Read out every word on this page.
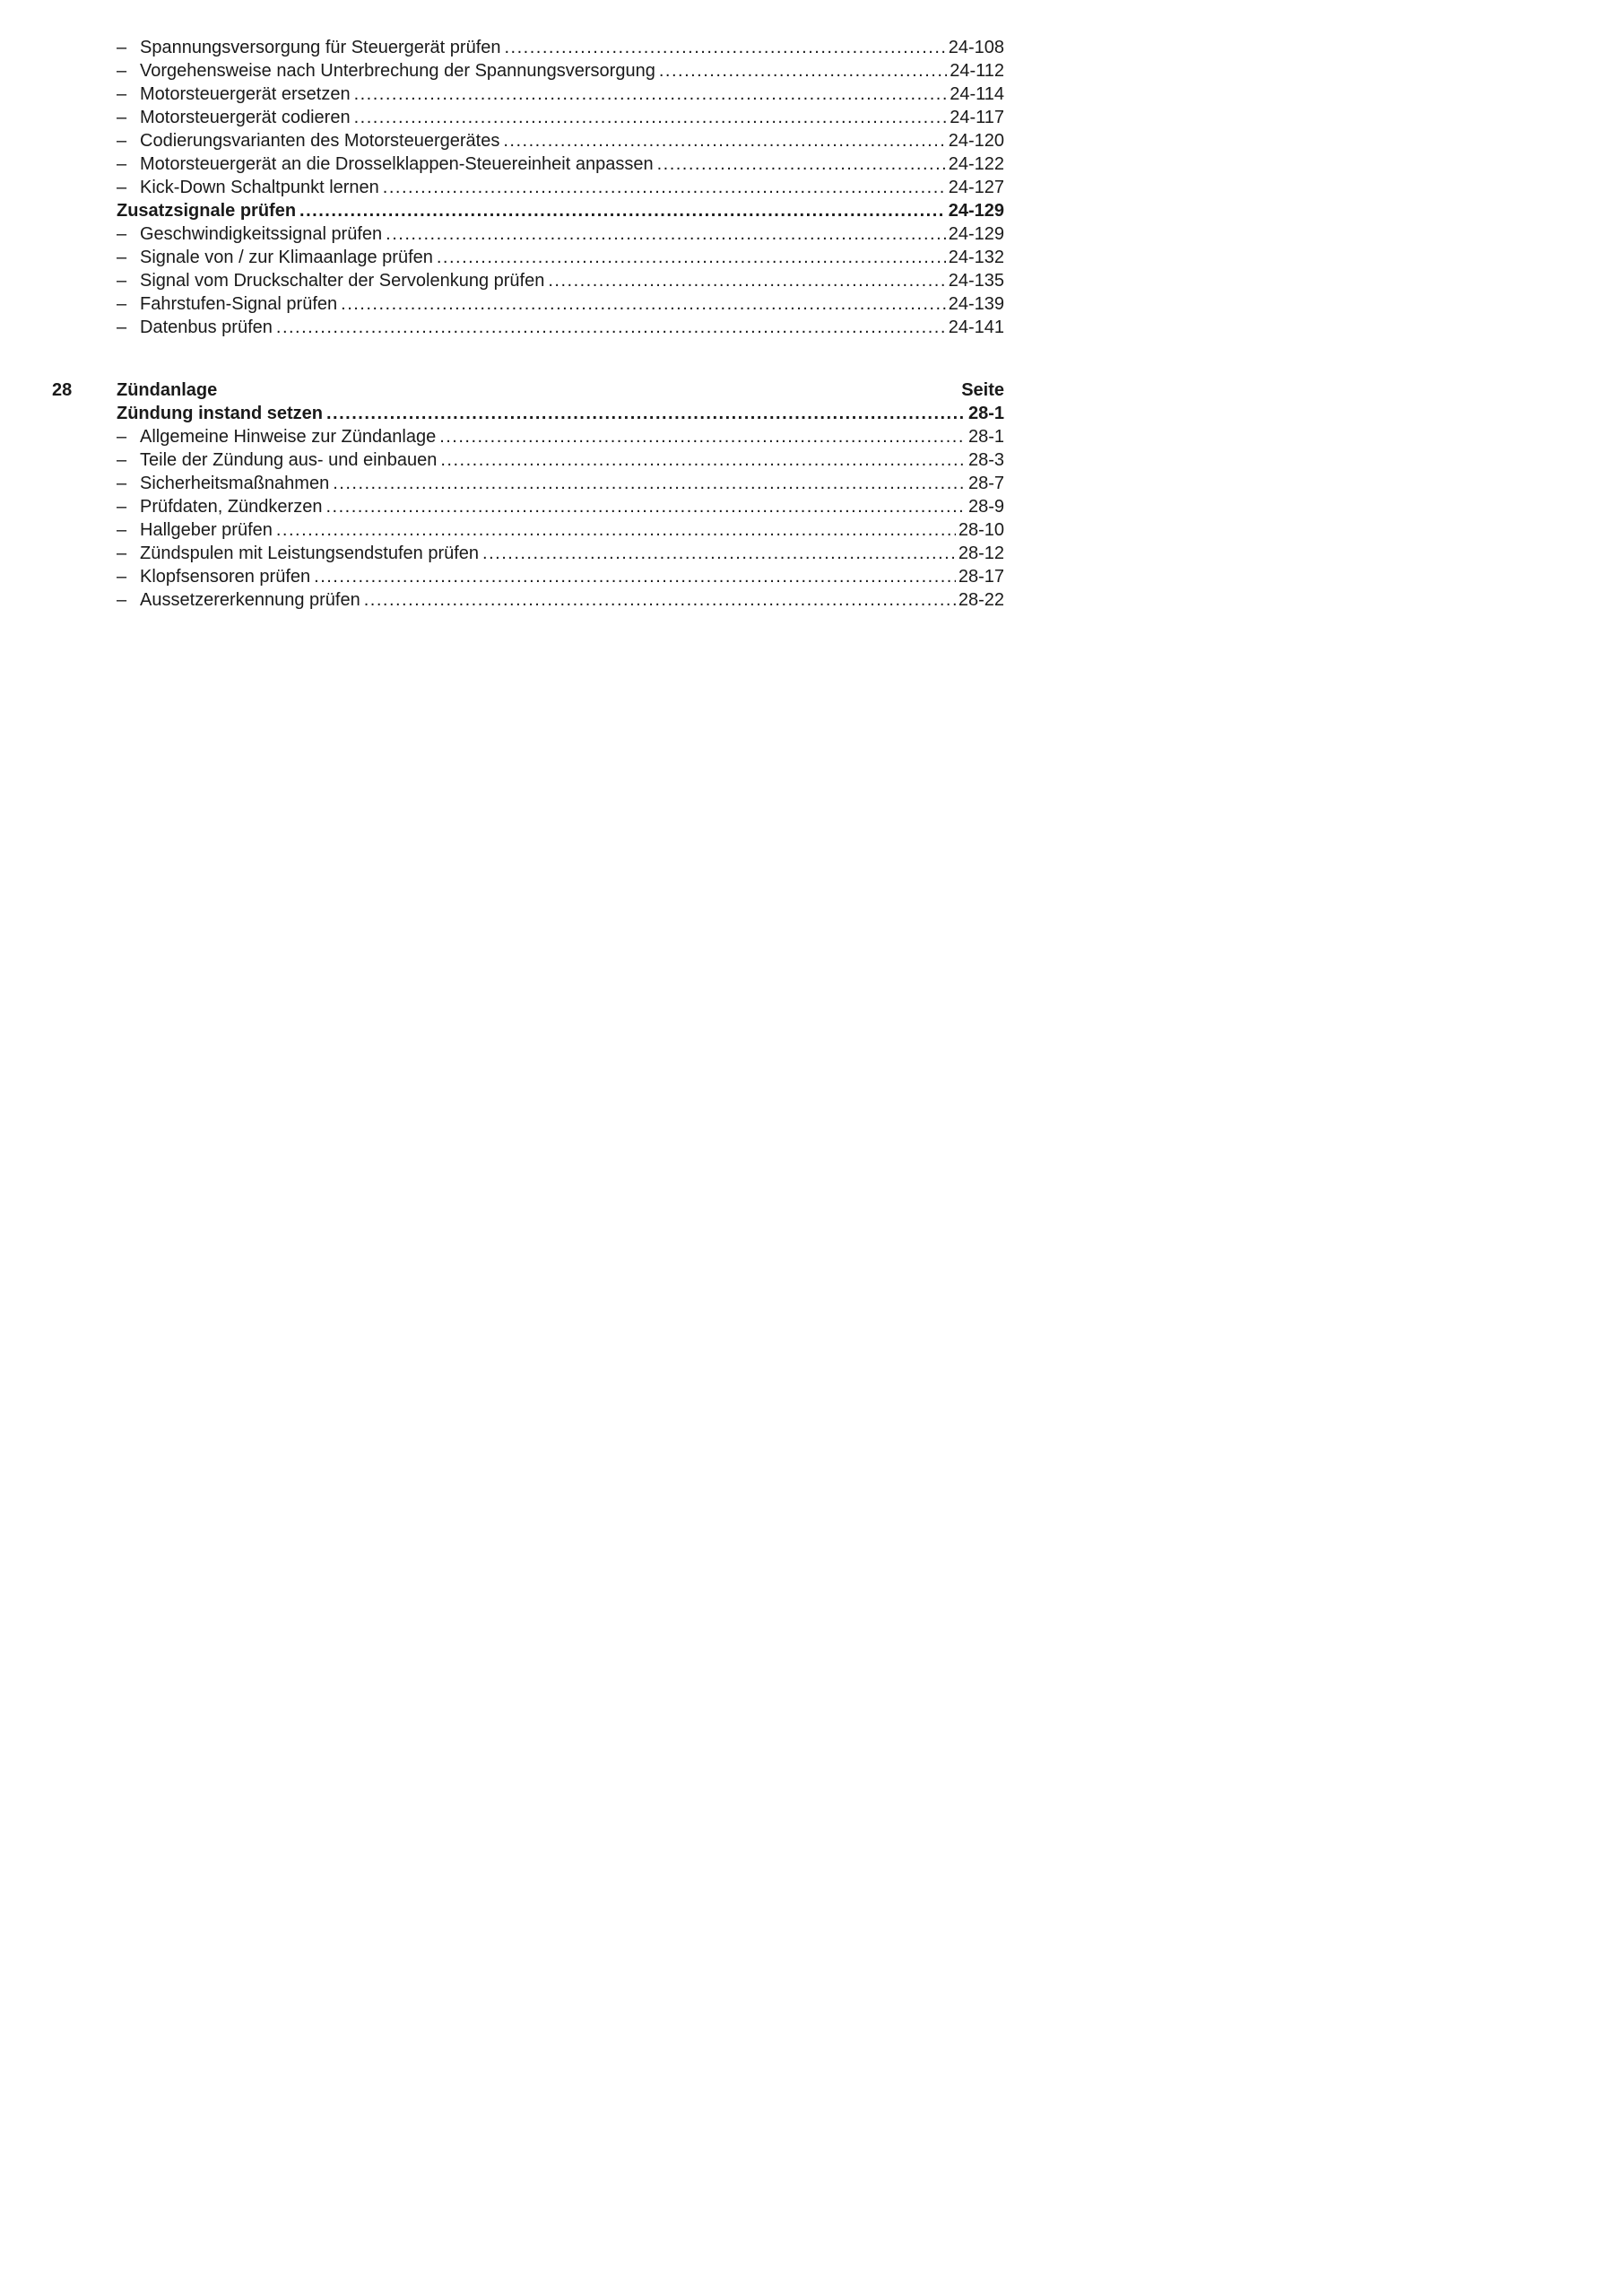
– Spannungsversorgung für Steuergerät prüfen .....	24-108
– Vorgehensweise nach Unterbrechung der Spannungsversorgung .....	24-112
– Motorsteuergerät ersetzen .....	24-114
– Motorsteuergerät codieren .....	24-117
– Codierungsvarianten des Motorsteuergerätes .....	24-120
– Motorsteuergerät an die Drosselklappen-Steuereinheit anpassen .....	24-122
– Kick-Down Schaltpunkt lernen .....	24-127
Zusatzsignale prüfen .....	24-129
– Geschwindigkeitssignal prüfen .....	24-129
– Signale von / zur Klimaanlage prüfen .....	24-132
– Signal vom Druckschalter der Servolenkung prüfen .....	24-135
– Fahrstufen-Signal prüfen .....	24-139
– Datenbus prüfen .....	24-141
28	Zündanlage	Seite
Zündung instand setzen .....	28-1
– Allgemeine Hinweise zur Zündanlage .....	28-1
– Teile der Zündung aus- und einbauen .....	28-3
– Sicherheitsmaßnahmen .....	28-7
– Prüfdaten, Zündkerzen .....	28-9
– Hallgeber prüfen .....	28-10
– Zündspulen mit Leistungsendstufen prüfen .....	28-12
– Klopfsensoren prüfen .....	28-17
– Aussetzererkennung prüfen .....	28-22
